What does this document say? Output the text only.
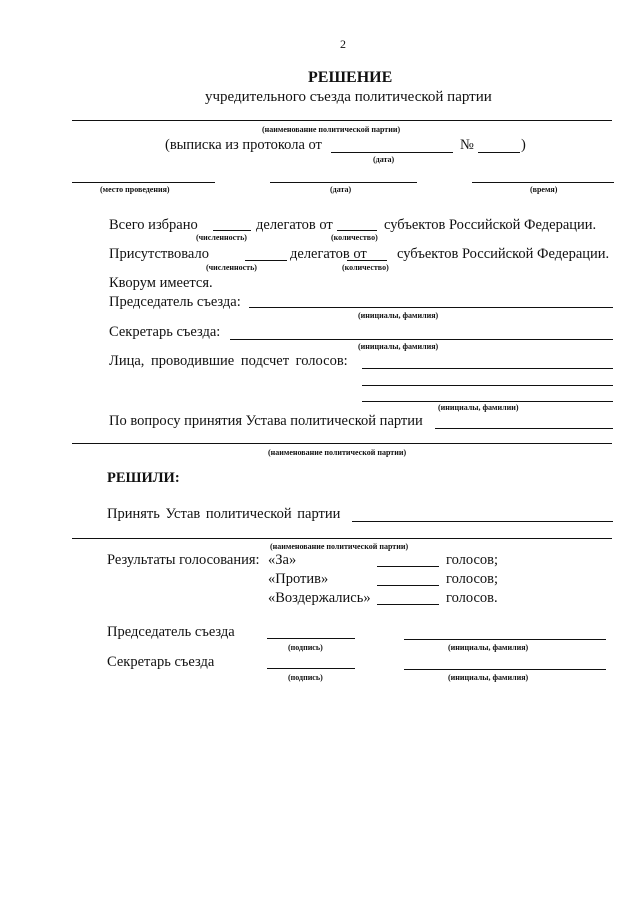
2
РЕШЕНИЕ
учредительного съезда политической партии
(наименование политической партии)
(выписка из протокола от	№	)
(дата)
(место проведения)	(дата)	(время)
Всего избрано	делегатов от	субъектов Российской Федерации.
(численность)	(количество)
Присутствовало	делегатов от субъектов Российской Федерации.
(численность)	(количество)
Кворум имеется.
Председатель съезда:
(инициалы, фамилия)
Секретарь съезда:
(инициалы, фамилия)
Лица, проводившие подсчет голосов:
(инициалы, фамилии)
По вопросу принятия Устава политической партии
(наименование политической партии)
РЕШИЛИ:
Принять Устав политической партии
(наименование политической партии)
Результаты голосования: «За»	голосов;
«Против»	голосов;
«Воздержались»	голосов.
Председатель съезда
(подпись)	(инициалы, фамилия)
Секретарь съезда
(подпись)	(инициалы, фамилия)
